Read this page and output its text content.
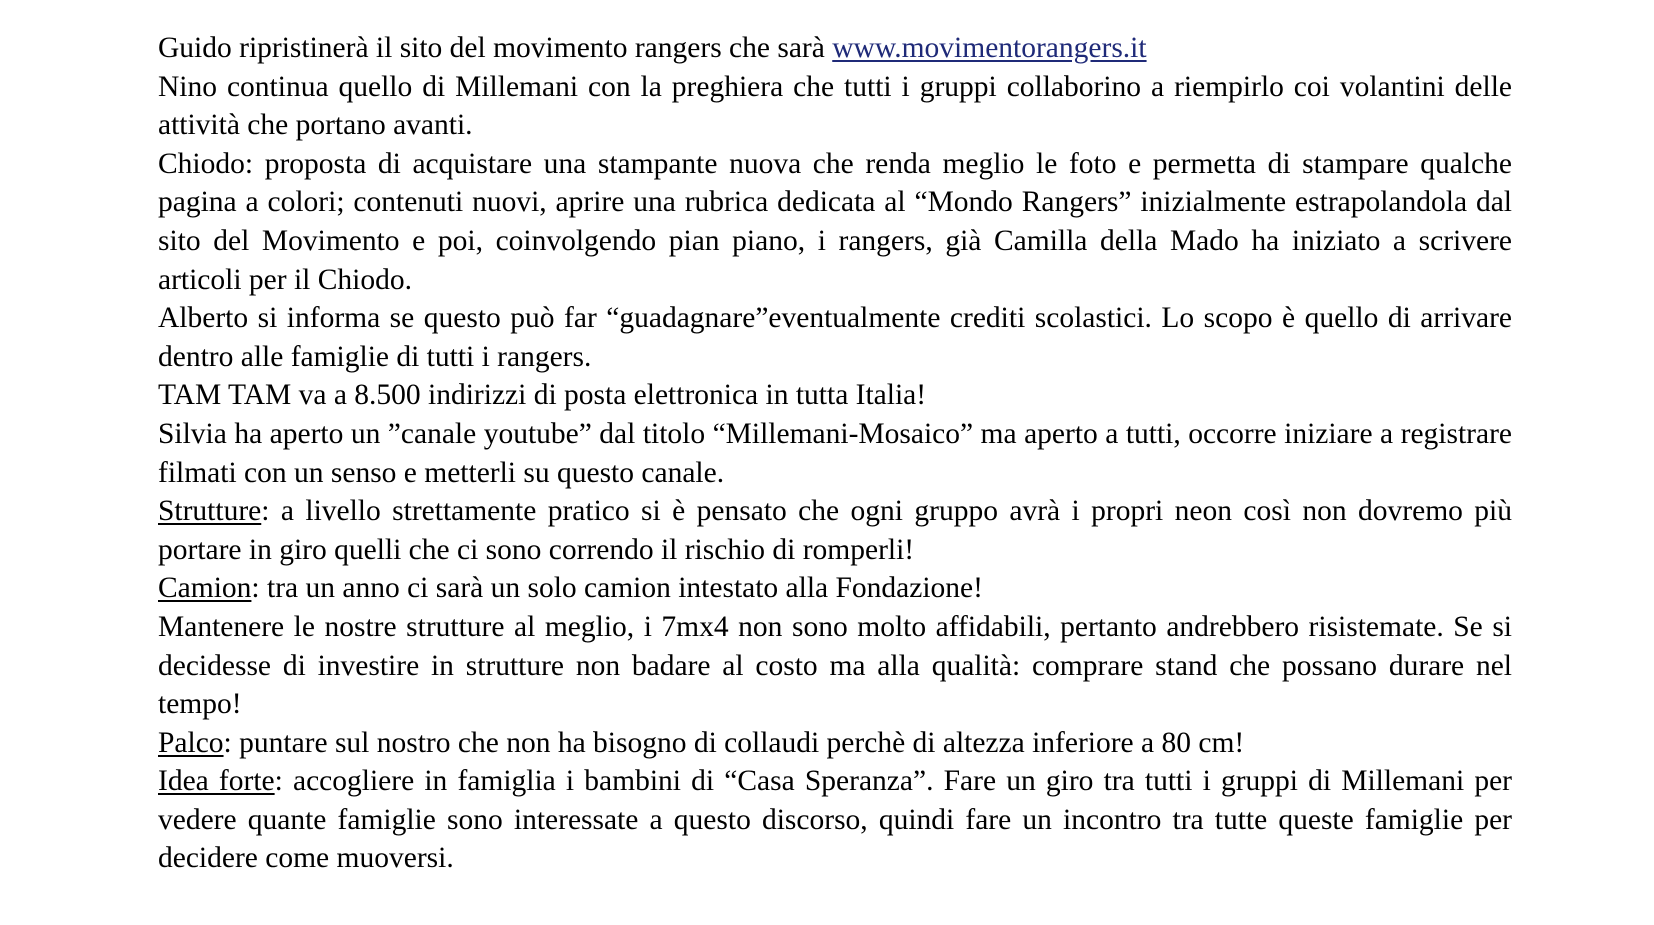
Guido ripristinerà il sito del movimento rangers che sarà www.movimentorangers.it

Nino continua quello di Millemani con la preghiera che tutti i gruppi collaborino a riempirlo coi volantini delle attività che portano avanti.

Chiodo: proposta di acquistare una stampante nuova che renda meglio le foto e permetta di stampare qualche pagina a colori; contenuti nuovi, aprire una rubrica dedicata al “Mondo Rangers” inizialmente estrapolandola dal sito del Movimento e poi, coinvolgendo pian piano, i rangers, già Camilla della Mado ha iniziato a scrivere articoli per il Chiodo.

Alberto si informa se questo può far “guadagnare”eventualmente crediti scolastici. Lo scopo è quello di arrivare dentro alle famiglie di tutti i rangers.

TAM TAM va a 8.500 indirizzi di posta elettronica in tutta Italia!

Silvia ha aperto un ”canale youtube” dal titolo “Millemani-Mosaico” ma aperto a tutti, occorre iniziare a registrare filmati con un senso e metterli su questo canale.

Strutture: a livello strettamente pratico si è pensato che ogni gruppo avrà i propri neon così non dovremo più portare in giro quelli che ci sono correndo il rischio di romperli!

Camion: tra un anno ci sarà un solo camion intestato alla Fondazione!

Mantenere le nostre strutture al meglio, i 7mx4 non sono molto affidabili, pertanto andrebbero risistemate. Se si decidesse di investire in strutture non badare al costo ma alla qualità: comprare stand che possano durare nel tempo!

Palco: puntare sul nostro che non ha bisogno di collaudi perchè di altezza inferiore a 80 cm!

Idea forte: accogliere in famiglia i bambini di “Casa Speranza”. Fare un giro tra tutti i gruppi di Millemani per vedere quante famiglie sono interessate a questo discorso, quindi fare un incontro tra tutte queste famiglie per decidere come muoversi.
